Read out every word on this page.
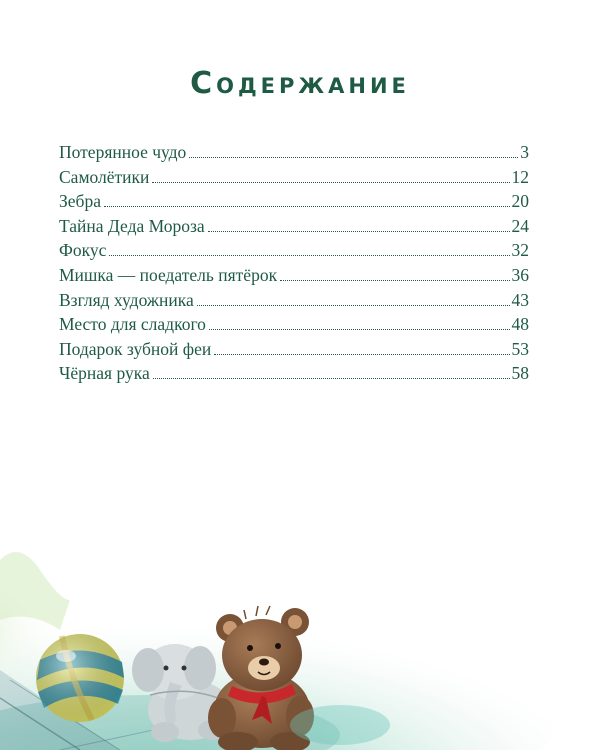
Содержание
Потерянное чудо	3
Самолётики	12
Зебра	20
Тайна Деда Мороза	24
Фокус	32
Мишка — поедатель пятёрок	36
Взгляд художника	43
Место для сладкого	48
Подарок зубной феи	53
Чёрная рука	58
